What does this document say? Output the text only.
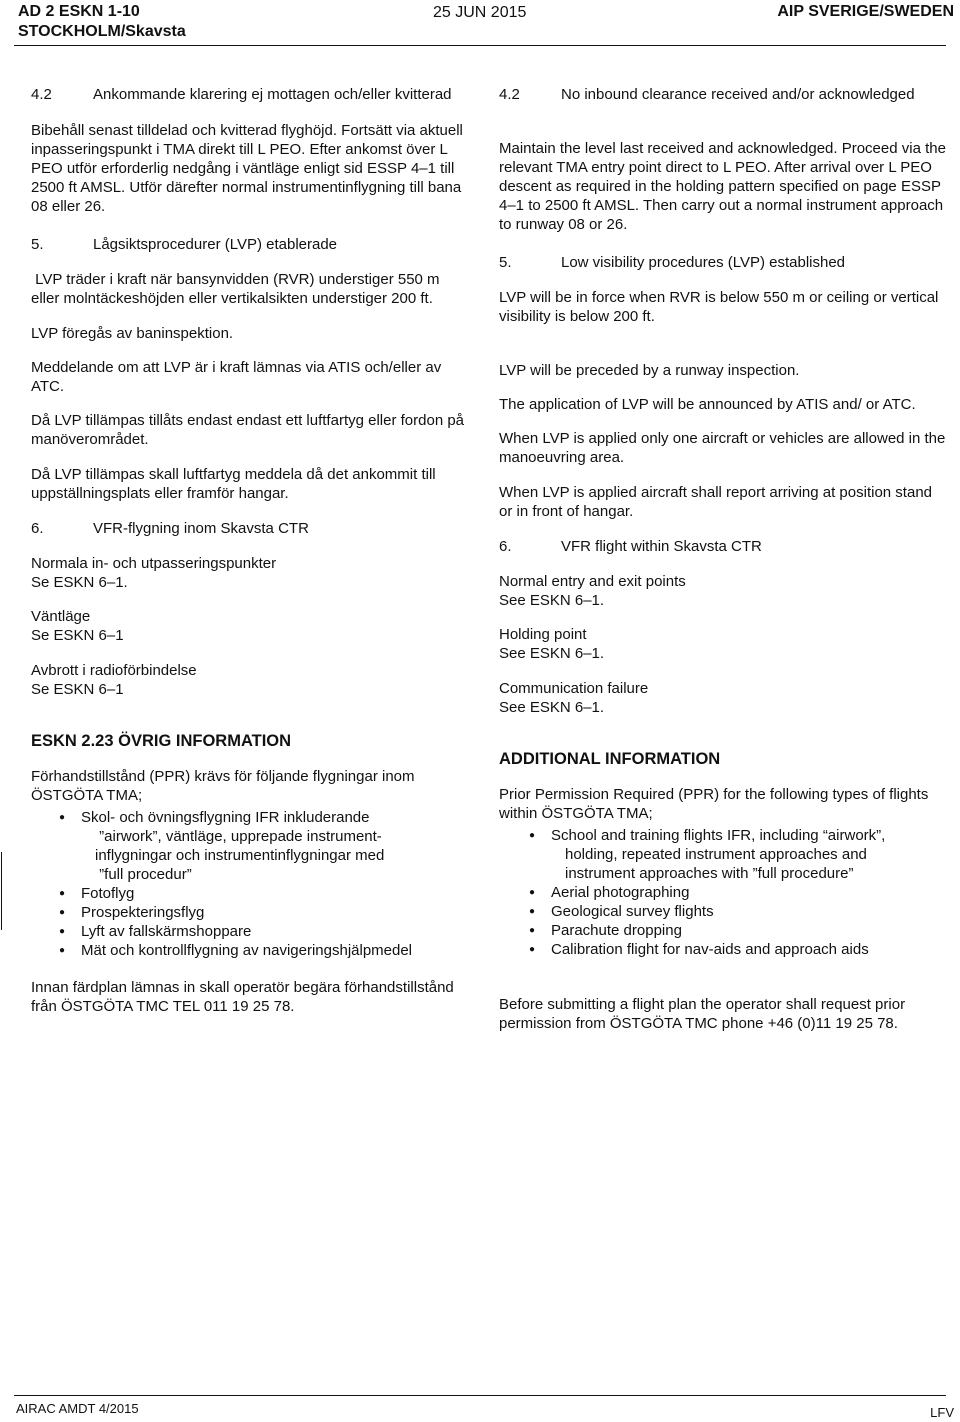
AD 2 ESKN 1-10
STOCKHOLM/Skavsta
25 JUN 2015	AIP SVERIGE/SWEDEN
4.2	Ankommande klarering ej mottagen och/eller kvitterad
Bibehåll senast tilldelad och kvitterad flyghöjd. Fortsätt via aktuell inpasseringspunkt i TMA direkt till L PEO. Efter ankomst över L PEO utför erforderlig nedgång i väntläge enligt sid ESSP 4–1 till 2500 ft AMSL. Utför därefter normal instrumentinflygning till bana 08 eller 26.
5.	Lågsiktsprocedurer (LVP) etablerade
LVP träder i kraft när bansynvidden (RVR) understiger 550 m eller molntäckeshöjden eller vertikalsikten understiger 200 ft.
LVP föregås av baninspektion.
Meddelande om att LVP är i kraft lämnas via ATIS och/eller av ATC.
Då LVP tillämpas tillåts endast endast ett luftfartyg eller fordon på manöverområdet.
Då LVP tillämpas skall luftfartyg meddela då det ankommit till uppställningsplats eller framför hangar.
6.	VFR-flygning inom Skavsta CTR
Normala in- och utpasseringspunkter
Se ESKN 6–1.
Väntläge
Se ESKN 6–1
Avbrott i radioförbindelse
Se ESKN 6–1
ESKN 2.23 ÖVRIG INFORMATION
Förhandstillstånd (PPR) krävs för följande flygningar inom ÖSTGÖTA TMA;
● Skol- och övningsflygning IFR inkluderande
”airwork”, väntläge, upprepade instrument-
inflygningar och instrumentinflygningar med
”full procedur”
● Fotoflyg
● Prospekteringsflyg
● Lyft av fallskärmshoppare
● Mät och kontrollflygning av navigeringshjälpmedel
Innan färdplan lämnas in skall operatör begära förhandstillstånd från ÖSTGÖTA TMC TEL 011 19 25 78.
4.2	No inbound clearance received and/or acknowledged
Maintain the level last received and acknowledged. Proceed via the relevant TMA entry point direct to L PEO. After arrival over L PEO descent as required in the holding pattern specified on page ESSP 4–1 to 2500 ft AMSL. Then carry out a normal instrument approach to runway 08 or 26.
5.	Low visibility procedures (LVP) established
LVP will be in force when RVR is below 550 m or ceiling or vertical visibility is below 200 ft.
LVP will be preceded by a runway inspection.
The application of LVP will be announced by ATIS and/ or ATC.
When LVP is applied only one aircraft or vehicles are allowed in the manoeuvring area.
When LVP is applied aircraft shall report arriving at position stand or in front of hangar.
6.	VFR flight within Skavsta CTR
Normal entry and exit points
See ESKN 6–1.
Holding point
See ESKN 6–1.
Communication failure
See ESKN 6–1.
ADDITIONAL INFORMATION
Prior Permission Required (PPR) for the following types of flights within ÖSTGÖTA TMA;
● School and training flights IFR, including “airwork”,
holding, repeated instrument approaches and
instrument approaches with ”full procedure”
● Aerial photographing
● Geological survey flights
● Parachute dropping
● Calibration flight for nav-aids and approach aids
Before submitting a flight plan the operator shall request prior permission from ÖSTGÖTA TMC phone +46 (0)11 19 25 78.
AIRAC AMDT 4/2015	LFV
